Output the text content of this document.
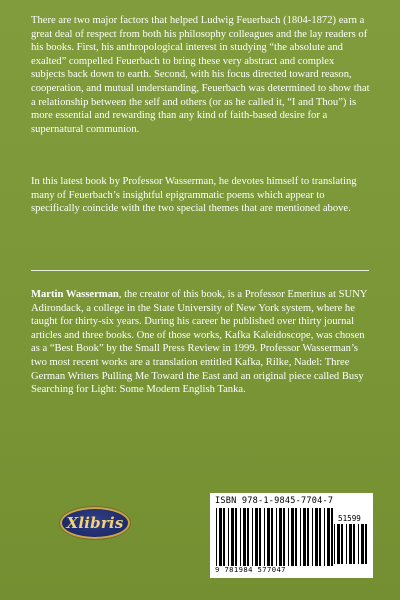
There are two major factors that helped Ludwig Feuerbach (1804-1872) earn a great deal of respect from both his philosophy colleagues and the lay readers of his books. First, his anthropological interest in studying “the absolute and exalted” compelled Feuerbach to bring these very abstract and complex subjects back down to earth. Second, with his focus directed toward reason, cooperation, and mutual understanding, Feuerbach was determined to show that a relationship between the self and others (or as he called it, “I and Thou”) is more essential and rewarding than any kind of faith-based desire for a supernatural communion.

In this latest book by Professor Wasserman, he devotes himself to translating many of Feuerbach’s insightful epigrammatic poems which appear to specifically coincide with the two special themes that are mentioned above.

Martin Wasserman, the creator of this book, is a Professor Emeritus at SUNY Adirondack, a college in the State University of New York system, where he taught for thirty-six years. During his career he published over thirty journal articles and three books. One of those works, Kafka Kaleidoscope, was chosen as a “Best Book” by the Small Press Review in 1999. Professor Wasserman’s two most recent works are a translation entitled Kafka, Rilke, Nadel: Three German Writers Pulling Me Toward the East and an original piece called Busy Searching for Light: Some Modern English Tanka.

Xlibris
ISBN 978-1-9845-7704-7
51599
9 781984 577047
